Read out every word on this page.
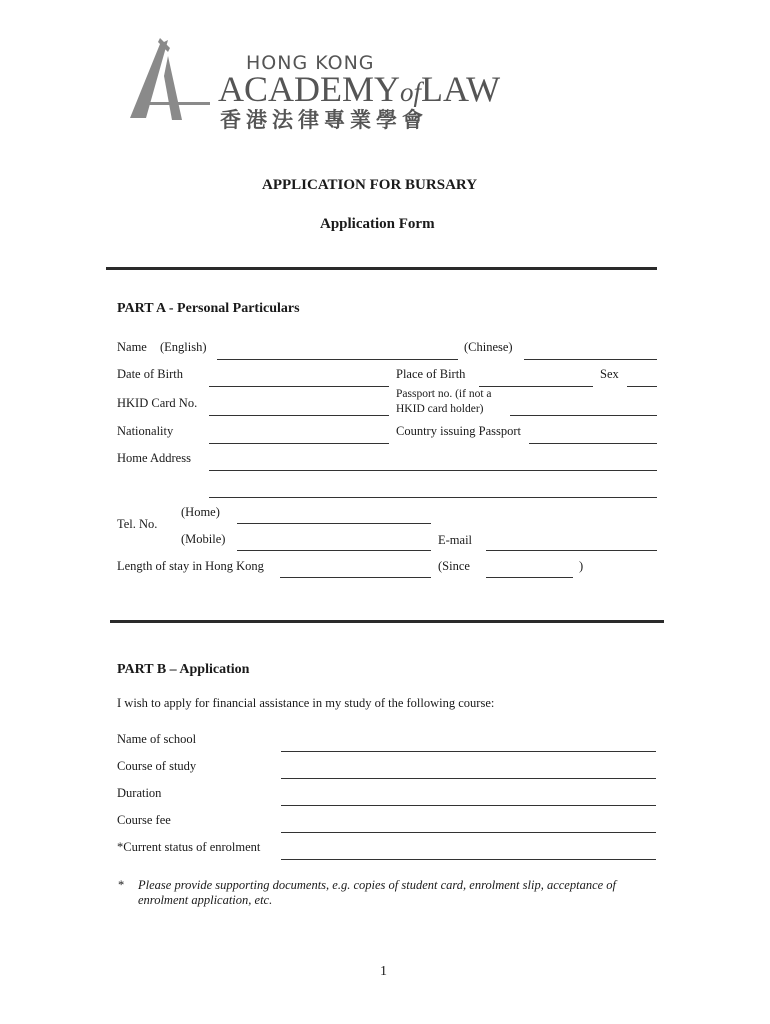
HONG KONG
ACADEMYofLAW
香港法律專業學會
APPLICATION FOR BURSARY
Application Form
PART A - Personal Particulars
Name (English)	(Chinese)
Date of Birth	Place of Birth	Sex
HKID Card No.
Passport no. (if not a
HKID card holder)
Nationality	Country issuing Passport
Home Address
Tel. No.
(Home)
(Mobile)	E-mail
Length of stay in Hong Kong	(Since	)
PART B – Application
I wish to apply for financial assistance in my study of the following course:
Name of school
Course of study
Duration
Course fee
*Current status of enrolment
* Please provide supporting documents, e.g. copies of student card, enrolment slip, acceptance of
enrolment application, etc.
1
